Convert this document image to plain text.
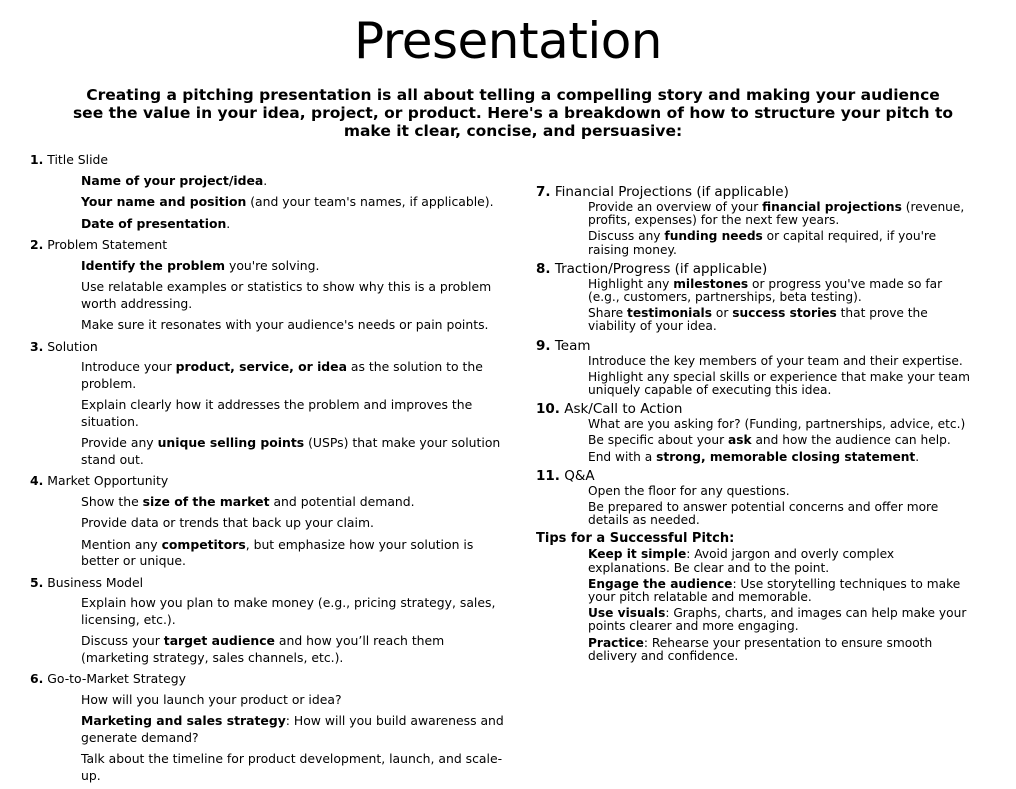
Presentation
Creating a pitching presentation is all about telling a compelling story and making your audience see the value in your idea, project, or product. Here's a breakdown of how to structure your pitch to make it clear, concise, and persuasive:
1. Title Slide
Name of your project/idea.
Your name and position (and your team's names, if applicable).
Date of presentation.
2. Problem Statement
Identify the problem you're solving.
Use relatable examples or statistics to show why this is a problem worth addressing.
Make sure it resonates with your audience's needs or pain points.
3. Solution
Introduce your product, service, or idea as the solution to the problem.
Explain clearly how it addresses the problem and improves the situation.
Provide any unique selling points (USPs) that make your solution stand out.
4. Market Opportunity
Show the size of the market and potential demand.
Provide data or trends that back up your claim.
Mention any competitors, but emphasize how your solution is better or unique.
5. Business Model
Explain how you plan to make money (e.g., pricing strategy, sales, licensing, etc.).
Discuss your target audience and how you’ll reach them (marketing strategy, sales channels, etc.).
6. Go-to-Market Strategy
How will you launch your product or idea?
Marketing and sales strategy: How will you build awareness and generate demand?
Talk about the timeline for product development, launch, and scale-up.
7. Financial Projections (if applicable)
Provide an overview of your financial projections (revenue, profits, expenses) for the next few years.
Discuss any funding needs or capital required, if you're raising money.
8. Traction/Progress (if applicable)
Highlight any milestones or progress you've made so far (e.g., customers, partnerships, beta testing).
Share testimonials or success stories that prove the viability of your idea.
9. Team
Introduce the key members of your team and their expertise.
Highlight any special skills or experience that make your team uniquely capable of executing this idea.
10. Ask/Call to Action
What are you asking for? (Funding, partnerships, advice, etc.)
Be specific about your ask and how the audience can help.
End with a strong, memorable closing statement.
11. Q&A
Open the floor for any questions.
Be prepared to answer potential concerns and offer more details as needed.
Tips for a Successful Pitch:
Keep it simple: Avoid jargon and overly complex explanations. Be clear and to the point.
Engage the audience: Use storytelling techniques to make your pitch relatable and memorable.
Use visuals: Graphs, charts, and images can help make your points clearer and more engaging.
Practice: Rehearse your presentation to ensure smooth delivery and confidence.
